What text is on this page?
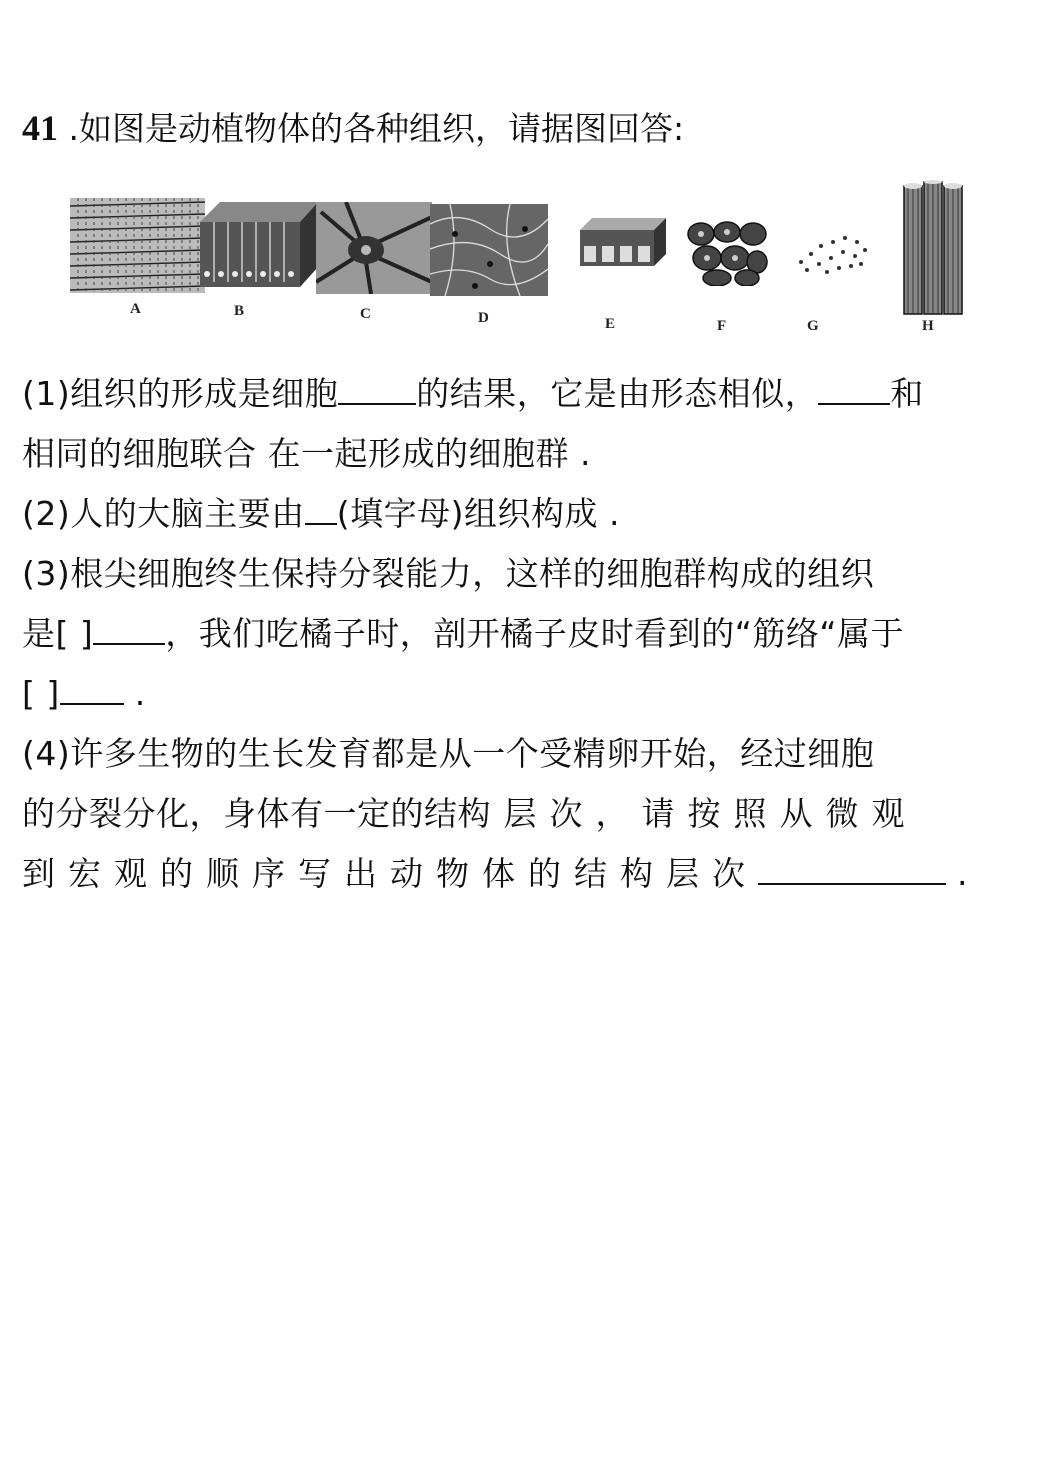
41 .如图是动植物体的各种组织，请据图回答:
A	B	C	D	E	F	G	H
(1)组织的形成是细胞 的结果，它是由形态相似， 和
相同的细胞联合 在一起形成的细胞群 .
(2)人的大脑主要由 (填字母)组织构成 .
(3)根尖细胞终生保持分裂能力，这样的细胞群构成的组织
是[ ] ，我们吃橘子时，剖开橘子皮时看到的“筋络“属于
[ ] .
(4)许多生物的生长发育都是从一个受精卵开始，经过细胞
的分裂分化，身体有一定的结构层次，请按照从微观
到宏观的顺序写出动物体的结构层次	.
